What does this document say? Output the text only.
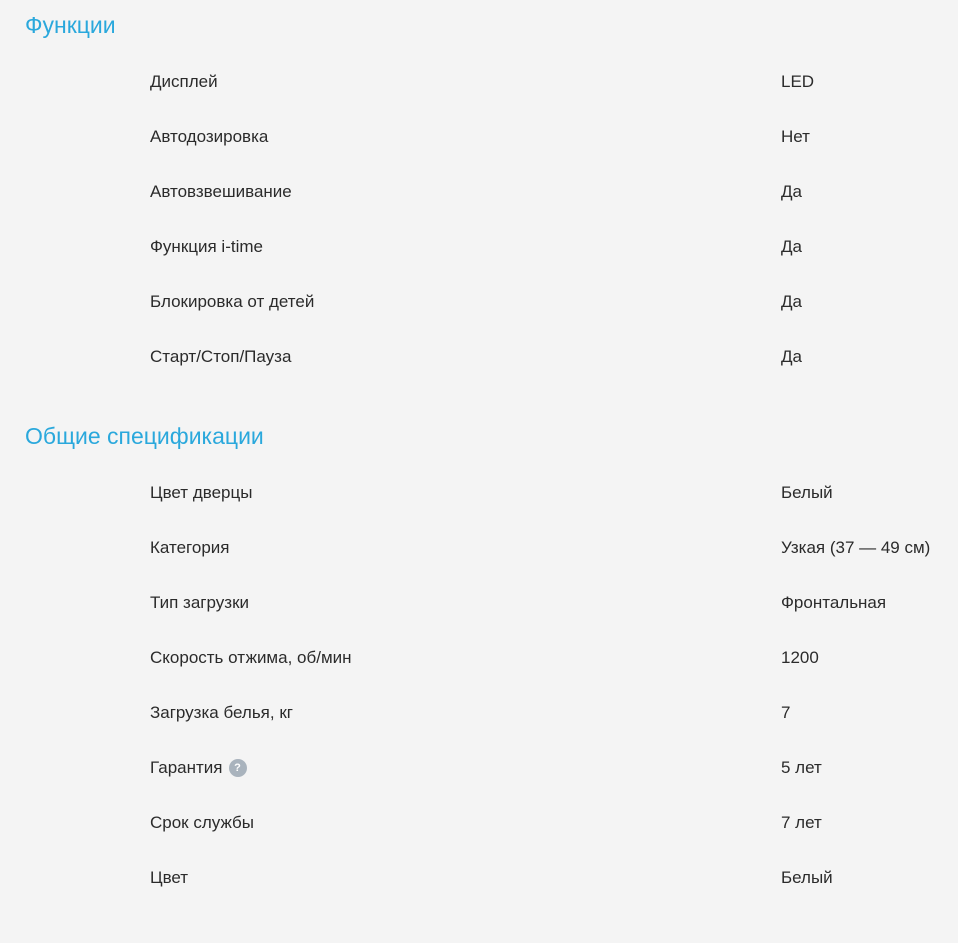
Функции
Дисплей	LED
Автодозировка	Нет
Автовзвешивание	Да
Функция i-time	Да
Блокировка от детей	Да
Старт/Стоп/Пауза	Да
Общие спецификации
Цвет дверцы	Белый
Категория	Узкая (37 — 49 см)
Тип загрузки	Фронтальная
Скорость отжима, об/мин	1200
Загрузка белья, кг	7
Гарантия	?	5 лет
Срок службы	7 лет
Цвет	Белый
